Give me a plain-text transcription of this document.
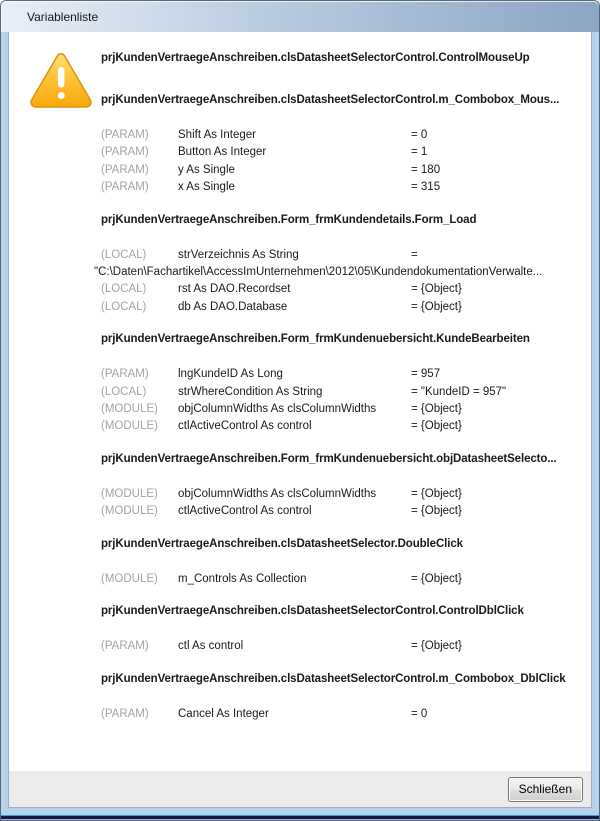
Variablenliste
prjKundenVertraegeAnschreiben.clsDatasheetSelectorControl.ControlMouseUp
prjKundenVertraegeAnschreiben.clsDatasheetSelectorControl.m_Combobox_Mous...
(PARAM)	Shift As Integer	= 0
(PARAM)	Button As Integer	= 1
(PARAM)	y As Single	= 180
(PARAM)	x As Single	= 315
prjKundenVertraegeAnschreiben.Form_frmKundendetails.Form_Load
(LOCAL)	strVerzeichnis As String	=
"C:\Daten\Fachartikel\AccessImUnternehmen\2012\05\KundendokumentationVerwalte...
(LOCAL)	rst As DAO.Recordset	= {Object}
(LOCAL)	db As DAO.Database	= {Object}
prjKundenVertraegeAnschreiben.Form_frmKundenuebersicht.KundeBearbeiten
(PARAM)	lngKundeID As Long	= 957
(LOCAL)	strWhereCondition As String	= "KundeID = 957"
(MODULE)	objColumnWidths As clsColumnWidths	= {Object}
(MODULE)	ctlActiveControl As control	= {Object}
prjKundenVertraegeAnschreiben.Form_frmKundenuebersicht.objDatasheetSelecto...
(MODULE)	objColumnWidths As clsColumnWidths	= {Object}
(MODULE)	ctlActiveControl As control	= {Object}
prjKundenVertraegeAnschreiben.clsDatasheetSelector.DoubleClick
(MODULE)	m_Controls As Collection	= {Object}
prjKundenVertraegeAnschreiben.clsDatasheetSelectorControl.ControlDblClick
(PARAM)	ctl As control	= {Object}
prjKundenVertraegeAnschreiben.clsDatasheetSelectorControl.m_Combobox_DblClick
(PARAM)	Cancel As Integer	= 0
Schließen
